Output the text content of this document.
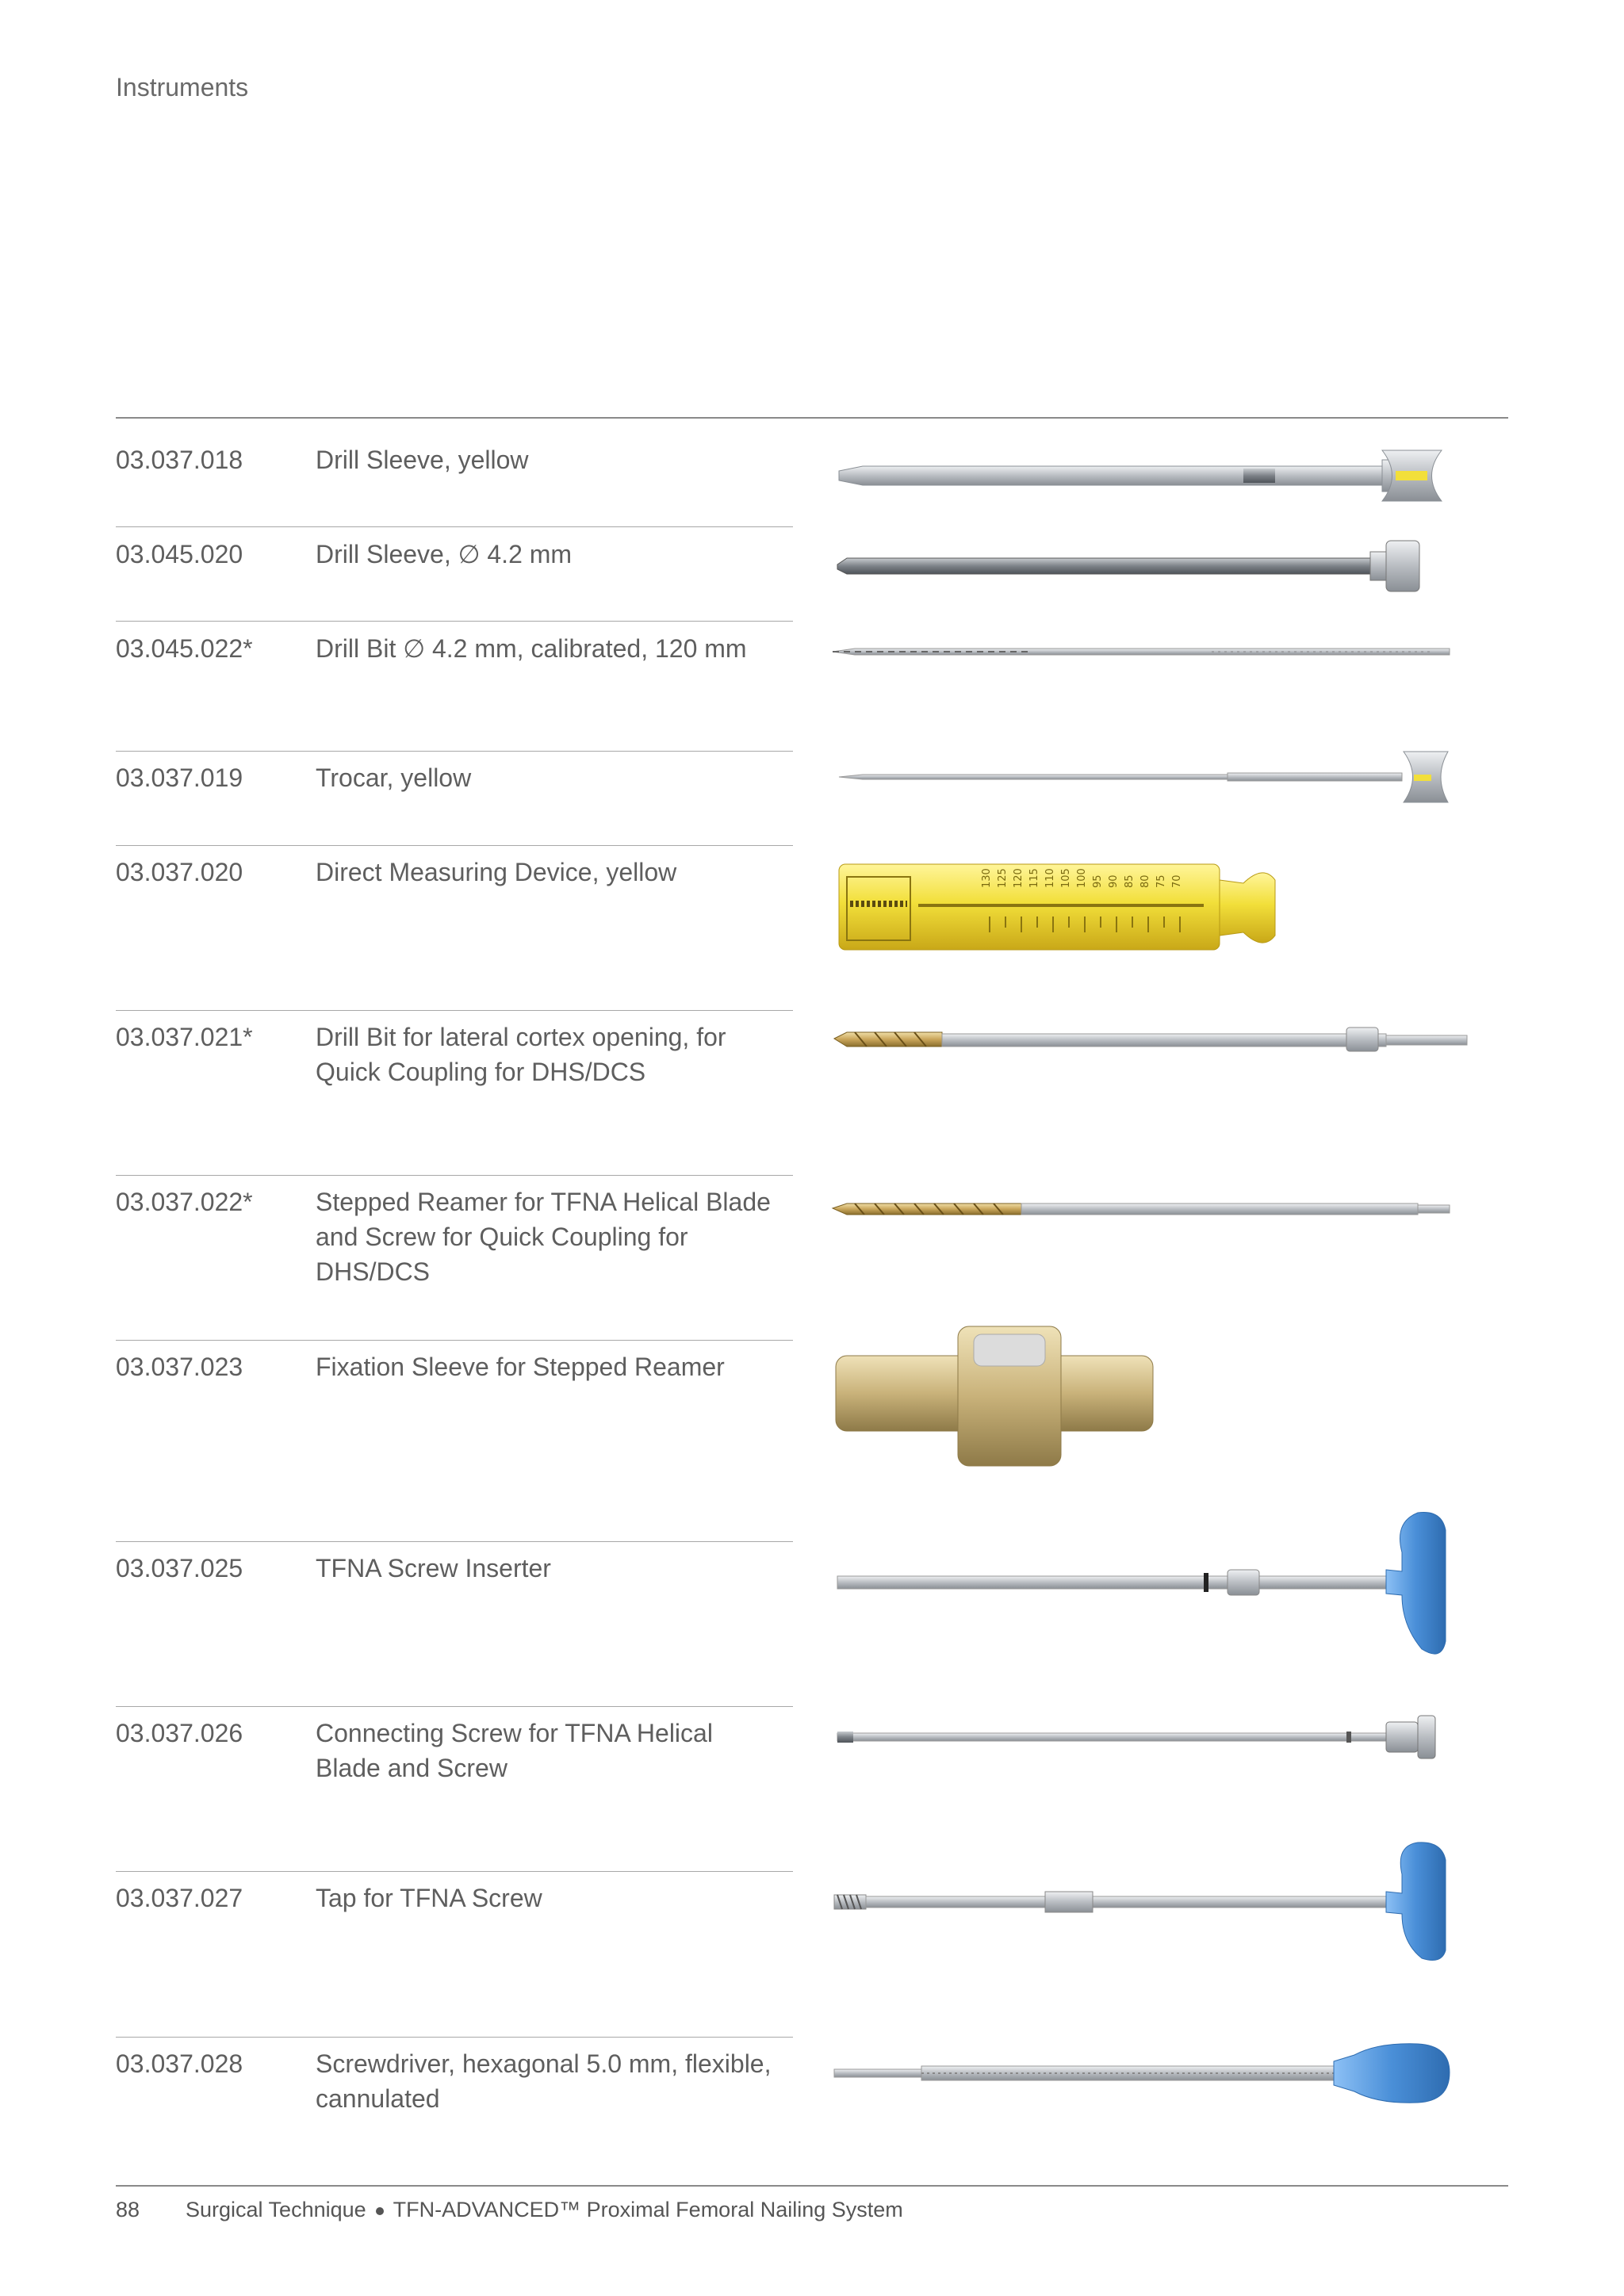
Instruments
03.037.018	Drill Sleeve, yellow
03.045.020	Drill Sleeve, ∅ 4.2 mm
03.045.022* Drill Bit ∅ 4.2 mm, calibrated, 120 mm
03.037.019	Trocar, yellow
03.037.020	Direct Measuring Device, yellow
03.037.021* Drill Bit for lateral cortex opening, for Quick Coupling for DHS/DCS
03.037.022* Stepped Reamer for TFNA Helical Blade and Screw for Quick Coupling for DHS/DCS
03.037.023	Fixation Sleeve for Stepped Reamer
03.037.025	TFNA Screw Inserter
03.037.026	Connecting Screw for TFNA Helical Blade and Screw
03.037.027	Tap for TFNA Screw
03.037.028	Screwdriver, hexagonal 5.0 mm, flexible, cannulated
130 125 120 115 110 105 100 95 90 85 80 75 70
88 Surgical Technique TFN-ADVANCED™ Proximal Femoral Nailing System
